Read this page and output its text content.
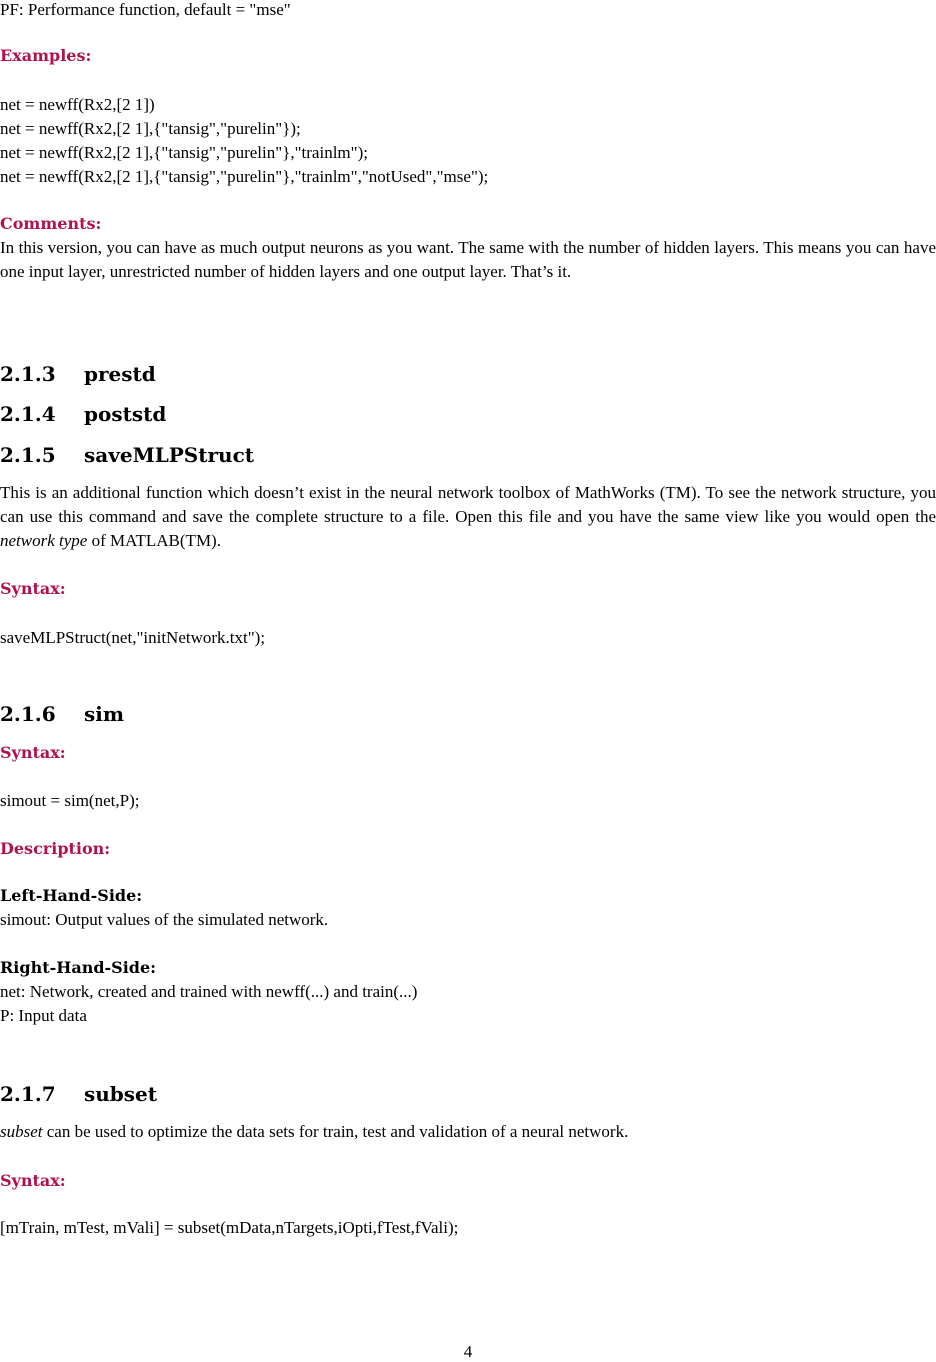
PF: Performance function, default = "mse"
Examples:
net = newff(Rx2,[2 1])
net = newff(Rx2,[2 1],{"tansig","purelin"});
net = newff(Rx2,[2 1],{"tansig","purelin"},"trainlm");
net = newff(Rx2,[2 1],{"tansig","purelin"},"trainlm","notUsed","mse");
Comments:
In this version, you can have as much output neurons as you want. The same with the number of hidden layers. This means you can have one input layer, unrestricted number of hidden layers and one output layer. That’s it.
2.1.3 prestd
2.1.4 poststd
2.1.5 saveMLPStruct
This is an additional function which doesn’t exist in the neural network toolbox of MathWorks (TM). To see the network structure, you can use this command and save the complete structure to a file. Open this file and you have the same view like you would open the network type of MATLAB(TM).
Syntax:
saveMLPStruct(net,"initNetwork.txt");
2.1.6 sim
Syntax:
simout = sim(net,P);
Description:
Left-Hand-Side:
simout: Output values of the simulated network.
Right-Hand-Side:
net: Network, created and trained with newff(...) and train(...)
P: Input data
2.1.7 subset
subset can be used to optimize the data sets for train, test and validation of a neural network.
Syntax:
[mTrain, mTest, mVali] = subset(mData,nTargets,iOpti,fTest,fVali);
4
